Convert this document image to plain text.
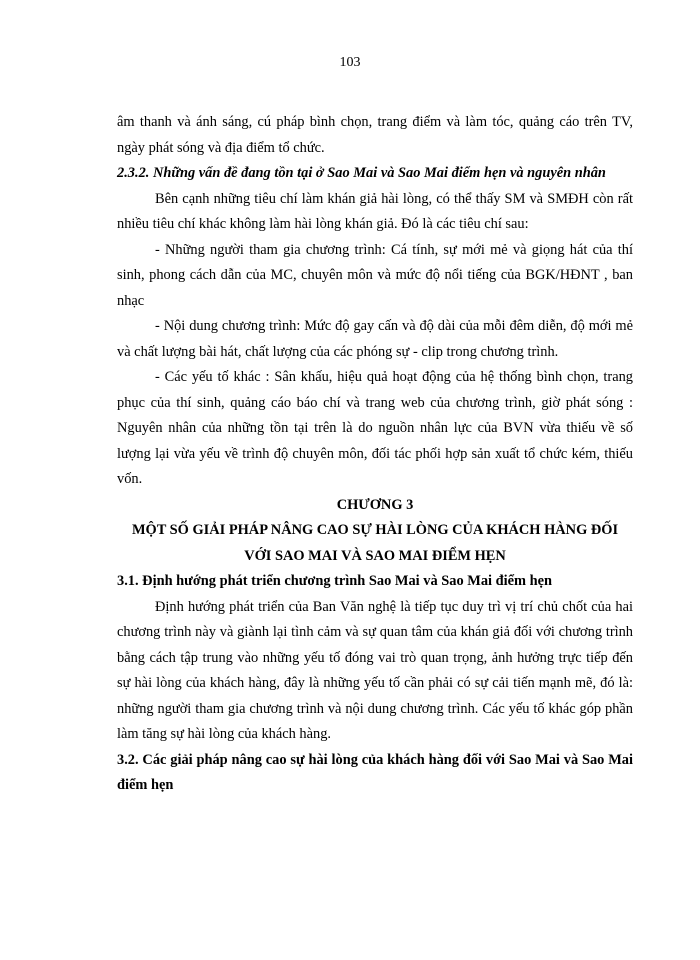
103

âm thanh và ánh sáng, cú pháp bình chọn, trang điểm và làm tóc, quảng cáo trên TV, ngày phát sóng và địa điểm tổ chức.

2.3.2. Những vấn đề đang tồn tại ở Sao Mai và Sao Mai điểm hẹn và nguyên nhân

Bên cạnh những tiêu chí làm khán giả hài lòng, có thể thấy SM và SMĐH còn rất nhiều tiêu chí khác không làm hài lòng khán giả. Đó là các tiêu chí sau:

- Những người tham gia chương trình: Cá tính, sự mới mẻ và giọng hát của thí sinh, phong cách dẫn của MC, chuyên môn và mức độ nổi tiếng của BGK/HĐNT , ban nhạc

- Nội dung chương trình: Mức độ gay cấn và độ dài của mỗi đêm diễn, độ mới mẻ và chất lượng bài hát, chất lượng của các phóng sự - clip trong chương trình.

- Các yếu tố khác : Sân khấu, hiệu quả hoạt động của hệ thống bình chọn, trang phục của thí sinh, quảng cáo báo chí và trang web của chương trình, giờ phát sóng : Nguyên nhân của những tồn tại trên là do nguồn nhân lực của BVN vừa thiếu về số lượng lại vừa yếu về trình độ chuyên môn, đối tác phối hợp sản xuất tổ chức kém, thiếu vốn.

CHƯƠNG 3

MỘT SỐ GIẢI PHÁP NÂNG CAO SỰ HÀI LÒNG CỦA KHÁCH HÀNG ĐỐI VỚI SAO MAI VÀ SAO MAI ĐIỂM HẸN

3.1. Định hướng phát triển chương trình Sao Mai và Sao Mai điểm hẹn

Định hướng phát triển của Ban Văn nghệ là tiếp tục duy trì vị trí chủ chốt của hai chương trình này và giành lại tình cảm và sự quan tâm của khán giả đối với chương trình bằng cách tập trung vào những yếu tố đóng vai trò quan trọng, ảnh hưởng trực tiếp đến sự hài lòng của khách hàng, đây là những yếu tố cần phải có sự cải tiến mạnh mẽ, đó là: những người tham gia chương trình và nội dung chương trình. Các yếu tố khác góp phần làm tăng sự hài lòng của khách hàng.

3.2. Các giải pháp nâng cao sự hài lòng của khách hàng đối với Sao Mai và Sao Mai điểm hẹn
